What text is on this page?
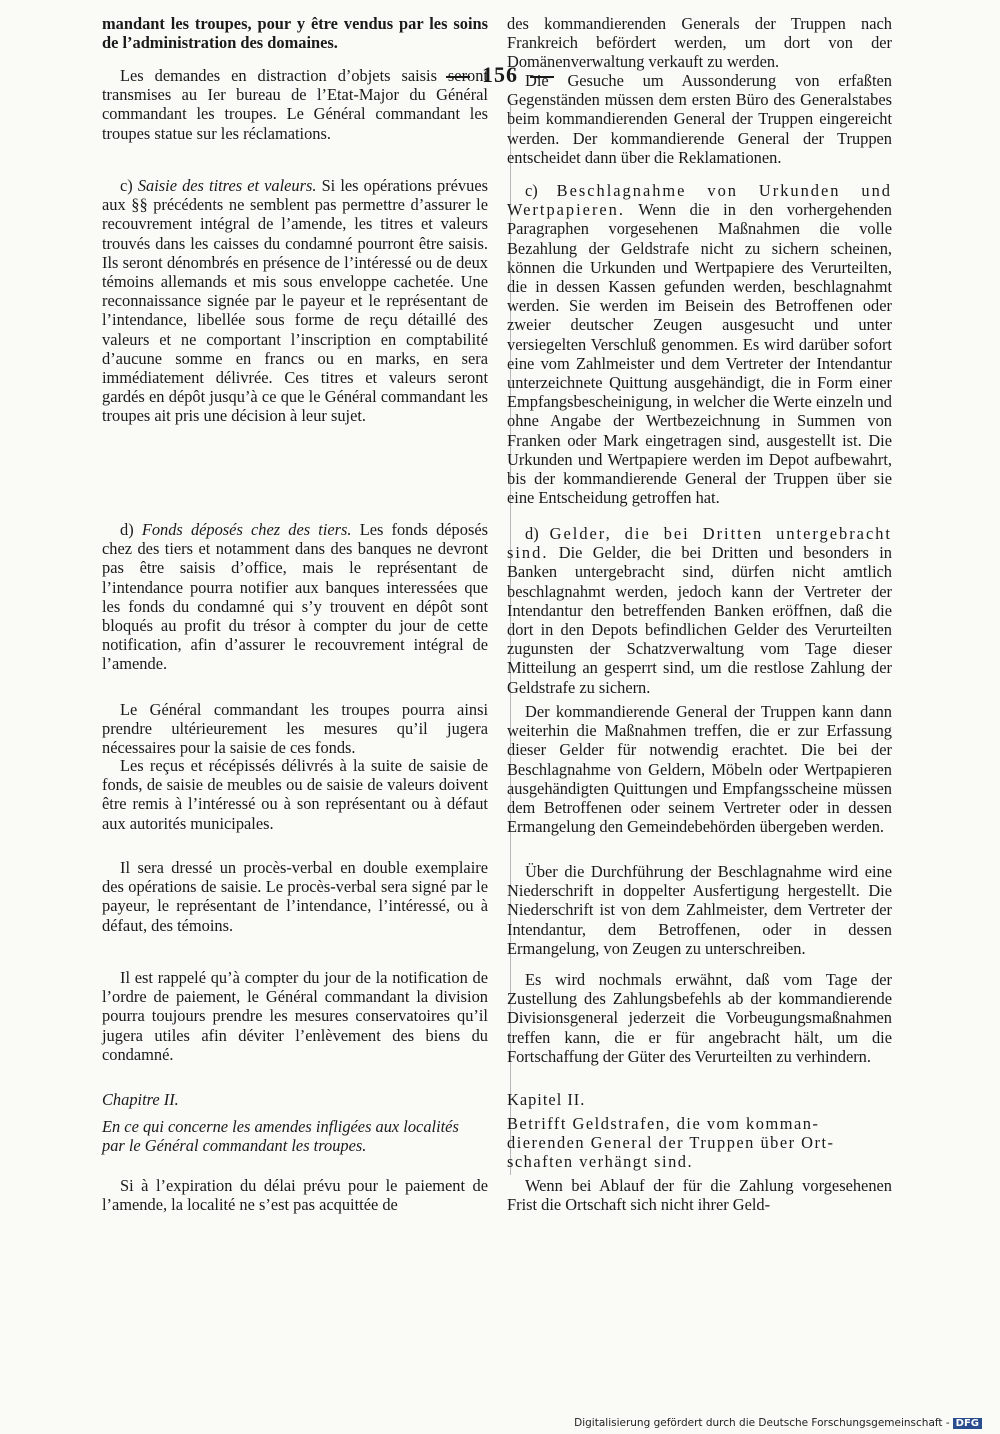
156

mandant les troupes, pour y être vendus par les soins de l’administration des domaines.

Les demandes en distraction d’objets saisis seront transmises au Ier bureau de l’Etat-Major du Général commandant les troupes. Le Général commandant les troupes statue sur les réclamations.

c) Saisie des titres et valeurs. Si les opérations prévues aux §§ précédents ne semblent pas permettre d’assurer le recouvrement intégral de l’amende, les titres et valeurs trouvés dans les caisses du condamné pourront être saisis. Ils seront dénombrés en présence de l’intéressé ou de deux témoins allemands et mis sous enveloppe cachetée. Une reconnaissance signée par le payeur et le représentant de l’intendance, libellée sous forme de reçu détaillé des valeurs et ne comportant l’inscription en comptabilité d’aucune somme en francs ou en marks, en sera immédiatement délivrée. Ces titres et valeurs seront gardés en dépôt jusqu’à ce que le Général commandant les troupes ait pris une décision à leur sujet.

d) Fonds déposés chez des tiers. Les fonds déposés chez des tiers et notamment dans des banques ne devront pas être saisis d’office, mais le représentant de l’intendance pourra notifier aux banques interessées que les fonds du condamné qui s’y trouvent en dépôt sont bloqués au profit du trésor à compter du jour de cette notification, afin d’assurer le recouvrement intégral de l’amende.

Le Général commandant les troupes pourra ainsi prendre ultérieurement les mesures qu’il jugera nécessaires pour la saisie de ces fonds.

Les reçus et récépissés délivrés à la suite de saisie de fonds, de saisie de meubles ou de saisie de valeurs doivent être remis à l’intéressé ou à son représentant ou à défaut aux autorités municipales.

Il sera dressé un procès-verbal en double exemplaire des opérations de saisie. Le procès-verbal sera signé par le payeur, le représentant de l’intendance, l’intéressé, ou à défaut, des témoins.

Il est rappelé qu’à compter du jour de la notification de l’ordre de paiement, le Général commandant la division pourra toujours prendre les mesures conservatoires qu’il jugera utiles afin déviter l’enlèvement des biens du condamné.

Chapitre II.

En ce qui concerne les amendes infligées aux localités

par le Général commandant les troupes.

Si à l’expiration du délai prévu pour le paiement de l’amende, la localité ne s’est pas acquittée de

des kommandierenden Generals der Truppen nach Frankreich befördert werden, um dort von der Domänenverwaltung verkauft zu werden.

Die Gesuche um Aussonderung von erfaßten Gegenständen müssen dem ersten Büro des Generalstabes beim kommandierenden General der Truppen eingereicht werden. Der kommandierende General der Truppen entscheidet dann über die Reklamationen.

c) Beschlagnahme von Urkunden und Wertpapieren. Wenn die in den vorhergehenden Paragraphen vorgesehenen Maßnahmen die volle Bezahlung der Geldstrafe nicht zu sichern scheinen, können die Urkunden und Wertpapiere des Verurteilten, die in dessen Kassen gefunden werden, beschlagnahmt werden. Sie werden im Beisein des Betroffenen oder zweier deutscher Zeugen ausgesucht und unter versiegelten Verschluß genommen. Es wird darüber sofort eine vom Zahlmeister und dem Vertreter der Intendantur unterzeichnete Quittung ausgehändigt, die in Form einer Empfangsbescheinigung, in welcher die Werte einzeln und ohne Angabe der Wertbezeichnung in Summen von Franken oder Mark eingetragen sind, ausgestellt ist. Die Urkunden und Wertpapiere werden im Depot aufbewahrt, bis der kommandierende General der Truppen über sie eine Entscheidung getroffen hat.

d) Gelder, die bei Dritten untergebracht sind. Die Gelder, die bei Dritten und besonders in Banken untergebracht sind, dürfen nicht amtlich beschlagnahmt werden, jedoch kann der Vertreter der Intendantur den betreffenden Banken eröffnen, daß die dort in den Depots befindlichen Gelder des Verurteilten zugunsten der Schatzverwaltung vom Tage dieser Mitteilung an gesperrt sind, um die restlose Zahlung der Geldstrafe zu sichern.

Der kommandierende General der Truppen kann dann weiterhin die Maßnahmen treffen, die er zur Erfassung dieser Gelder für notwendig erachtet. Die bei der Beschlagnahme von Geldern, Möbeln oder Wertpapieren ausgehändigten Quittungen und Empfangsscheine müssen dem Betroffenen oder seinem Vertreter oder in dessen Ermangelung den Gemeindebehörden übergeben werden.

Über die Durchführung der Beschlagnahme wird eine Niederschrift in doppelter Ausfertigung hergestellt. Die Niederschrift ist von dem Zahlmeister, dem Vertreter der Intendantur, dem Betroffenen, oder in dessen Ermangelung, von Zeugen zu unterschreiben.

Es wird nochmals erwähnt, daß vom Tage der Zustellung des Zahlungsbefehls ab der kommandierende Divisionsgeneral jederzeit die Vorbeugungsmaßnahmen treffen kann, die er für angebracht hält, um die Fortschaffung der Güter des Verurteilten zu verhindern.

Kapitel II.

Betrifft Geldstrafen, die vom komman-

dierenden General der Truppen über Ort-

schaften verhängt sind.

Wenn bei Ablauf der für die Zahlung vorgesehenen Frist die Ortschaft sich nicht ihrer Geld-

Digitalisierung gefördert durch die Deutsche Forschungsgemeinschaft - DFG
